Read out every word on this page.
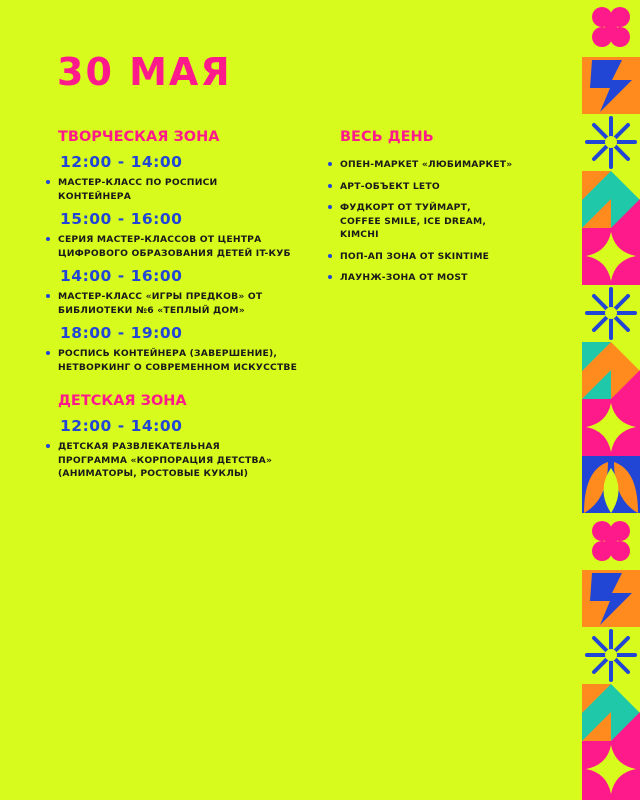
30 МАЯ
ТВОРЧЕСКАЯ ЗОНА
12:00 - 14:00
МАСТЕР-КЛАСС ПО РОСПИСИ
КОНТЕЙНЕРА
15:00 - 16:00
СЕРИЯ МАСТЕР-КЛАССОВ ОТ ЦЕНТРА
ЦИФРОВОГО ОБРАЗОВАНИЯ ДЕТЕЙ IT-КУБ
14:00 - 16:00
МАСТЕР-КЛАСС «ИГРЫ ПРЕДКОВ» ОТ
БИБЛИОТЕКИ №6 «ТЕПЛЫЙ ДОМ»
18:00 - 19:00
РОСПИСЬ КОНТЕЙНЕРА (ЗАВЕРШЕНИЕ),
НЕТВОРКИНГ О СОВРЕМЕННОМ ИСКУССТВЕ
ДЕТСКАЯ ЗОНА
12:00 - 14:00
ДЕТСКАЯ РАЗВЛЕКАТЕЛЬНАЯ
ПРОГРАММА «КОРПОРАЦИЯ ДЕТСТВА»
(АНИМАТОРЫ, РОСТОВЫЕ КУКЛЫ)
ВЕСЬ ДЕНЬ
ОПЕН-МАРКЕТ «ЛЮБИМАРКЕТ»
АРТ-ОБЪЕКТ LETO
ФУДКОРТ ОТ ТУЙМАРТ,
COFFEE SMILE, ICE DREAM,
KIMCHI
ПОП-АП ЗОНА ОТ SKINTIME
ЛАУНЖ-ЗОНА ОТ MOST
